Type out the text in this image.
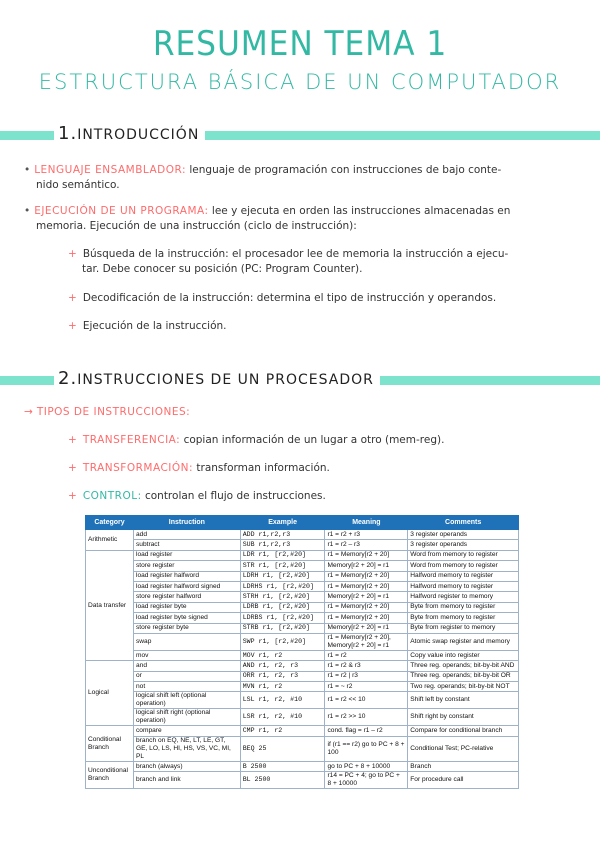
RESUMEN TEMA 1
ESTRUCTURA BÁSICA DE UN COMPUTADOR
1.INTRODUCCIÓN
• LENGUAJE ENSAMBLADOR: lenguaje de programación con instrucciones de bajo conte-
nido semántico.
• EJECUCIÓN DE UN PROGRAMA: lee y ejecuta en orden las instrucciones almacenadas en
memoria. Ejecución de una instrucción (ciclo de instrucción):
+ Búsqueda de la instrucción: el procesador lee de memoria la instrucción a ejecu-
tar. Debe conocer su posición (PC: Program Counter).
+ Decodificación de la instrucción: determina el tipo de instrucción y operandos.
+ Ejecución de la instrucción.
2.INSTRUCCIONES DE UN PROCESADOR
→ TIPOS DE INSTRUCCIONES:
+ TRANSFERENCIA: copian información de un lugar a otro (mem-reg).
+ TRANSFORMACIÓN: transforman información.
+ CONTROL: controlan el flujo de instrucciones.
Category	Instruction	Example	Meaning	Comments
Arithmetic	add	ADD r1,r2,r3	r1 = r2 + r3	3 register operands
	subtract	SUB r1,r2,r3	r1 = r2 – r3	3 register operands
Data transfer	load register	LDR r1, [r2,#20]	r1 = Memory[r2 + 20]	Word from memory to register
	store register	STR r1, [r2,#20]	Memory[r2 + 20] = r1	Word from memory to register
	load register halfword	LDRH r1, [r2,#20]	r1 = Memory[r2 + 20]	Halfword memory to register
	load register halfword signed	LDRHS r1, [r2,#20]	r1 = Memory[r2 + 20]	Halfword memory to register
	store register halfword	STRH r1, [r2,#20]	Memory[r2 + 20] = r1	Halfword register to memory
	load register byte	LDRB r1, [r2,#20]	r1 = Memory[r2 + 20]	Byte from memory to register
	load register byte signed	LDRBS r1, [r2,#20]	r1 = Memory[r2 + 20]	Byte from memory to register
	store register byte	STRB r1, [r2,#20]	Memory[r2 + 20] = r1	Byte from register to memory
	swap	SWP r1, [r2,#20]	r1 = Memory[r2 + 20], Memory[r2 + 20] = r1	Atomic swap register and memory
	mov	MOV r1, r2	r1 = r2	Copy value into register
Logical	and	AND r1, r2, r3	r1 = r2 & r3	Three reg. operands; bit-by-bit AND
	or	ORR r1, r2, r3	r1 = r2 | r3	Three reg. operands; bit-by-bit OR
	not	MVN r1, r2	r1 = ~ r2	Two reg. operands; bit-by-bit NOT
	logical shift left (optional operation)	LSL r1, r2, #10	r1 = r2 << 10	Shift left by constant
	logical shift right (optional operation)	LSR r1, r2, #10	r1 = r2 >> 10	Shift right by constant
Conditional Branch	compare	CMP r1, r2	cond. flag = r1 – r2	Compare for conditional branch
	branch on EQ, NE, LT, LE, GT, GE, LO, LS, HI, HS, VS, VC, MI, PL	BEQ 25	if (r1 == r2) go to PC + 8 + 100	Conditional Test; PC-relative
Unconditional Branch	branch (always)	B 2500	go to PC + 8 + 10000	Branch
	branch and link	BL 2500	r14 = PC + 4; go to PC + 8 + 10000	For procedure call
